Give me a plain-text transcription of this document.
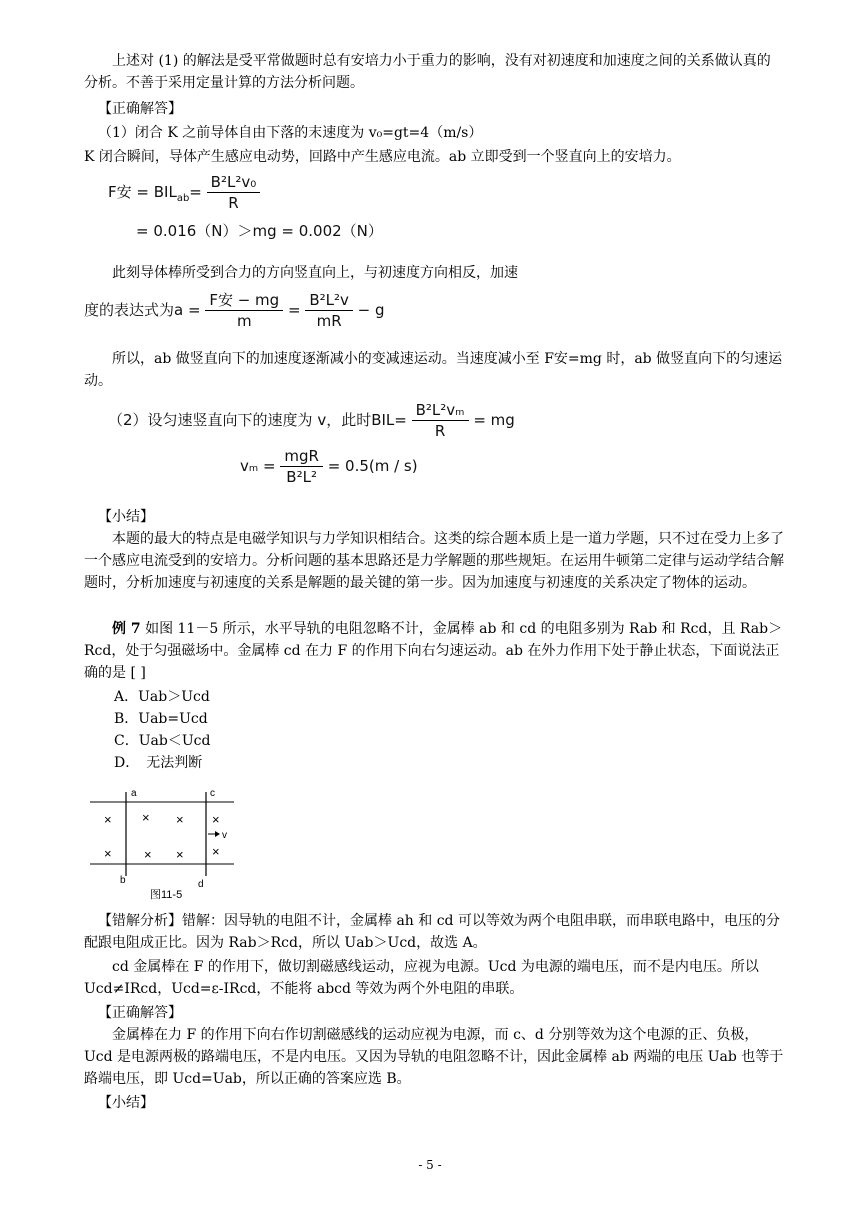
上述对 (1) 的解法是受平常做题时总有安培力小于重力的影响，没有对初速度和加速度之间的关系做认真的分析。不善于采用定量计算的方法分析问题。

【正确解答】

（1）闭合 K 之前导体自由下落的末速度为 v₀=gt=4（m/s）

K 闭合瞬间，导体产生感应电动势，回路中产生感应电流。ab 立即受到一个竖直向上的安培力。

F安 = $BIL_{ab}= \frac{\text{B²L²v₀}}{R}$
= 0.016（N）＞mg = 0.002（N）

此刻导体棒所受到合力的方向竖直向上，与初速度方向相反，加速

度的表达式为$a = \frac{\text{F安 − mg}}{m} = \frac{\text{B²L²v}}{mR} - g$

所以，ab 做竖直向下的加速度逐渐减小的变减速运动。当速度减小至 F安=mg 时，ab 做竖直向下的匀速运动。

（2）设匀速竖直向下的速度为 v，此时$BIL= \frac{\text{B²L²vₘ}}{R}$ = mg
$v_m = \frac{\text{mgR}}{\text{B²L²}} = 0.5(m / s)$

【小结】

本题的最大的特点是电磁学知识与力学知识相结合。这类的综合题本质上是一道力学题，只不过在受力上多了一个感应电流受到的安培力。分析问题的基本思路还是力学解题的那些规矩。在运用牛顿第二定律与运动学结合解题时，分析加速度与初速度的关系是解题的最关键的第一步。因为加速度与初速度的关系决定了物体的运动。

例 7 如图 11－5 所示，水平导轨的电阻忽略不计，金属棒 ab 和 cd 的电阻多别为 Rab 和 Rcd，且 Rab＞Rcd，处于匀强磁场中。金属棒 cd 在力 F 的作用下向右匀速运动。ab 在外力作用下处于静止状态，下面说法正确的是 [ ]

A．Uab＞Ucd
B．Uab=Ucd
C．Uab＜Ucd
D．　无法判断
a
b
c
d
× × × ×
× × × ×
v
图11-5

【错解分析】错解：因导轨的电阻不计，金属棒 ah 和 cd 可以等效为两个电阻串联，而串联电路中，电压的分配跟电阻成正比。因为 Rab＞Rcd，所以 Uab＞Ucd，故选 A。

cd 金属棒在 F 的作用下，做切割磁感线运动，应视为电源。Ucd 为电源的端电压，而不是内电压。所以 Ucd≠IRcd，Ucd=ε-IRcd，不能将 abcd 等效为两个外电阻的串联。

【正确解答】

金属棒在力 F 的作用下向右作切割磁感线的运动应视为电源，而 c、d 分别等效为这个电源的正、负极，Ucd 是电源两极的路端电压，不是内电压。又因为导轨的电阻忽略不计，因此金属棒 ab 两端的电压 Uab 也等于路端电压，即 Ucd=Uab，所以正确的答案应选 B。

【小结】

- 5 -
